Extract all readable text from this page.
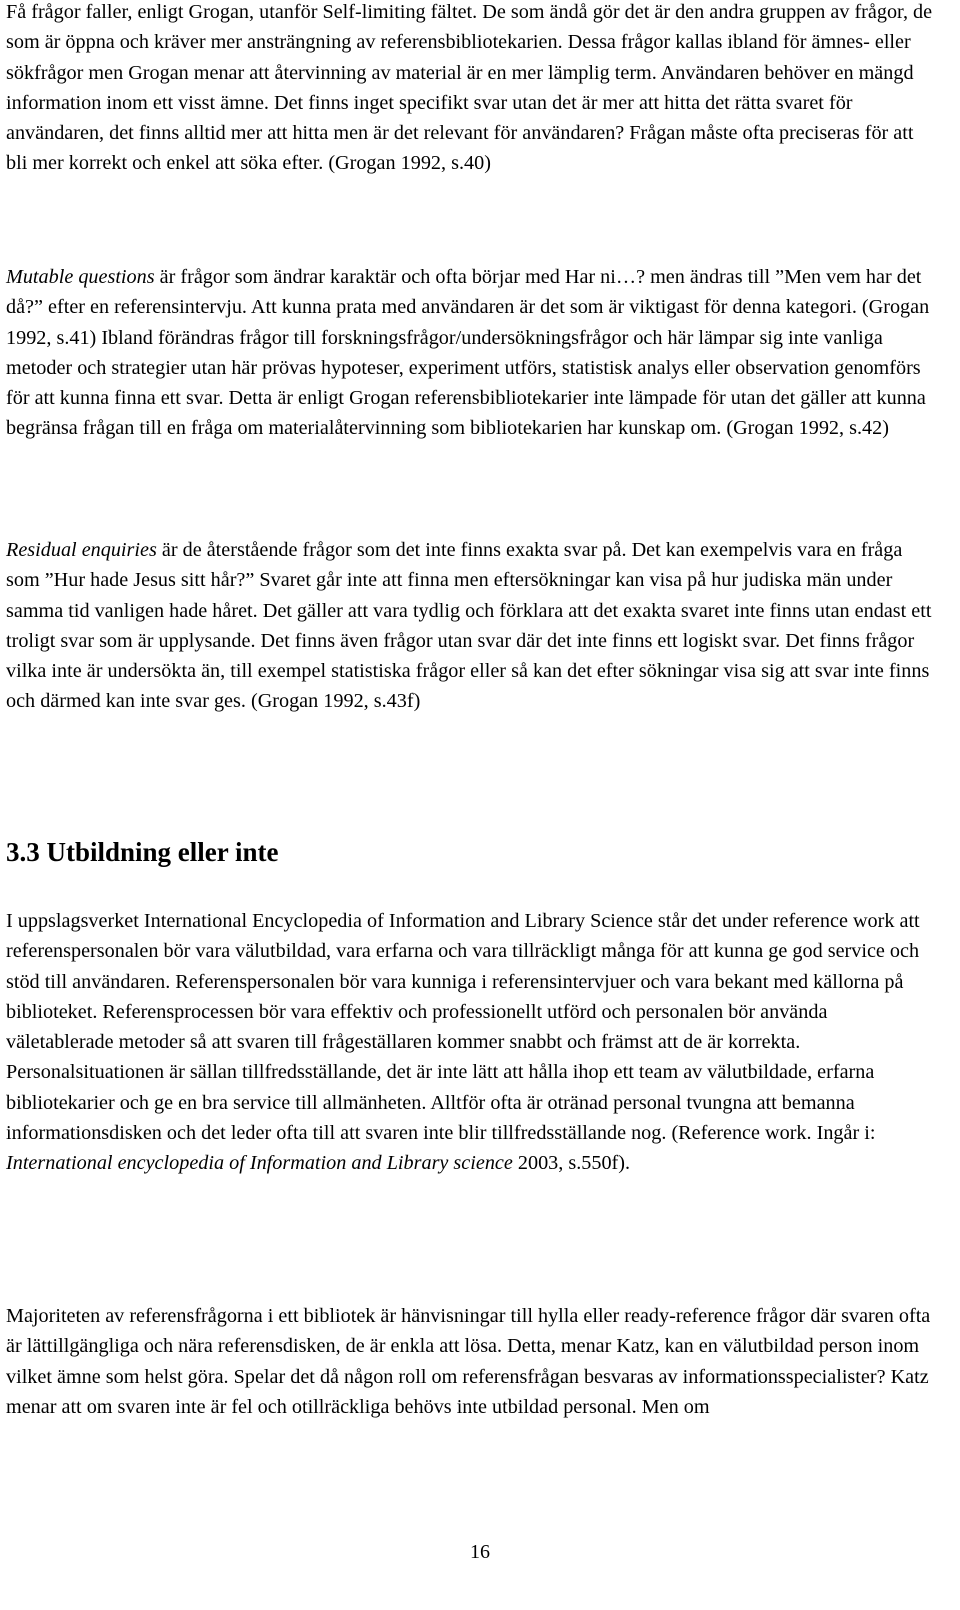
Få frågor faller, enligt Grogan, utanför Self-limiting fältet. De som ändå gör det är den andra gruppen av frågor, de som är öppna och kräver mer ansträngning av referensbibliotekarien. Dessa frågor kallas ibland för ämnes- eller sökfrågor men Grogan menar att återvinning av material är en mer lämplig term. Användaren behöver en mängd information inom ett visst ämne. Det finns inget specifikt svar utan det är mer att hitta det rätta svaret för användaren, det finns alltid mer att hitta men är det relevant för användaren? Frågan måste ofta preciseras för att bli mer korrekt och enkel att söka efter. (Grogan 1992, s.40)

Mutable questions är frågor som ändrar karaktär och ofta börjar med Har ni…? men ändras till ”Men vem har det då?” efter en referensintervju. Att kunna prata med användaren är det som är viktigast för denna kategori. (Grogan 1992, s.41) Ibland förändras frågor till forskningsfrågor/undersökningsfrågor och här lämpar sig inte vanliga metoder och strategier utan här prövas hypoteser, experiment utförs, statistisk analys eller observation genomförs för att kunna finna ett svar. Detta är enligt Grogan referensbibliotekarier inte lämpade för utan det gäller att kunna begränsa frågan till en fråga om materialåtervinning som bibliotekarien har kunskap om. (Grogan 1992, s.42)

Residual enquiries är de återstående frågor som det inte finns exakta svar på. Det kan exempelvis vara en fråga som ”Hur hade Jesus sitt hår?” Svaret går inte att finna men eftersökningar kan visa på hur judiska män under samma tid vanligen hade håret. Det gäller att vara tydlig och förklara att det exakta svaret inte finns utan endast ett troligt svar som är upplysande. Det finns även frågor utan svar där det inte finns ett logiskt svar. Det finns frågor vilka inte är undersökta än, till exempel statistiska frågor eller så kan det efter sökningar visa sig att svar inte finns och därmed kan inte svar ges. (Grogan 1992, s.43f)

3.3 Utbildning eller inte

I uppslagsverket International Encyclopedia of Information and Library Science står det under reference work att referenspersonalen bör vara välutbildad, vara erfarna och vara tillräckligt många för att kunna ge god service och stöd till användaren. Referenspersonalen bör vara kunniga i referensintervjuer och vara bekant med källorna på biblioteket. Referensprocessen bör vara effektiv och professionellt utförd och personalen bör använda väletablerade metoder så att svaren till frågeställaren kommer snabbt och främst att de är korrekta. Personalsituationen är sällan tillfredsställande, det är inte lätt att hålla ihop ett team av välutbildade, erfarna bibliotekarier och ge en bra service till allmänheten. Alltför ofta är otränad personal tvungna att bemanna informationsdisken och det leder ofta till att svaren inte blir tillfredsställande nog. (Reference work. Ingår i: International encyclopedia of Information and Library science 2003, s.550f).

Majoriteten av referensfrågorna i ett bibliotek är hänvisningar till hylla eller ready-reference frågor där svaren ofta är lättillgängliga och nära referensdisken, de är enkla att lösa. Detta, menar Katz, kan en välutbildad person inom vilket ämne som helst göra. Spelar det då någon roll om referensfrågan besvaras av informationsspecialister? Katz menar att om svaren inte är fel och otillräckliga behövs inte utbildad personal. Men om

16
